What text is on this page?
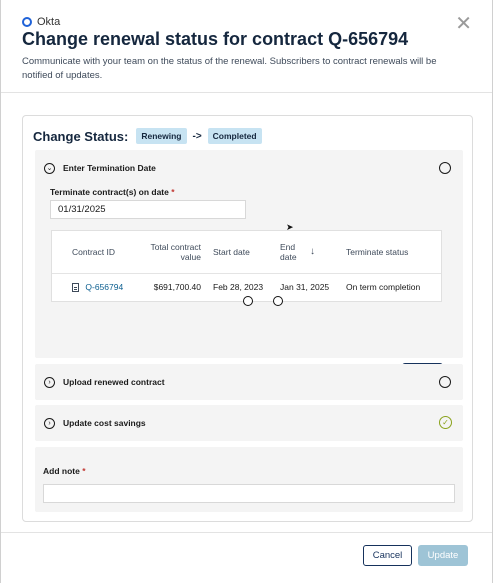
Okta	✕
Change renewal status for contract Q-656794
Communicate with your team on the status of the renewal. Subscribers to contract renewals will be notified of updates.
Change Status:	Renewing	->	Completed
⌄	Enter Termination Date
Terminate contract(s) on date *
01/31/2025
Contract ID	Total contract value	Start date	End date ↓	Terminate status
Q-656794	$691,700.40	Feb 28, 2023	Jan 31, 2025	On term completion
›	Upload renewed contract
›	Update cost savings	✓
Add note *
➤
Cancel	Update
